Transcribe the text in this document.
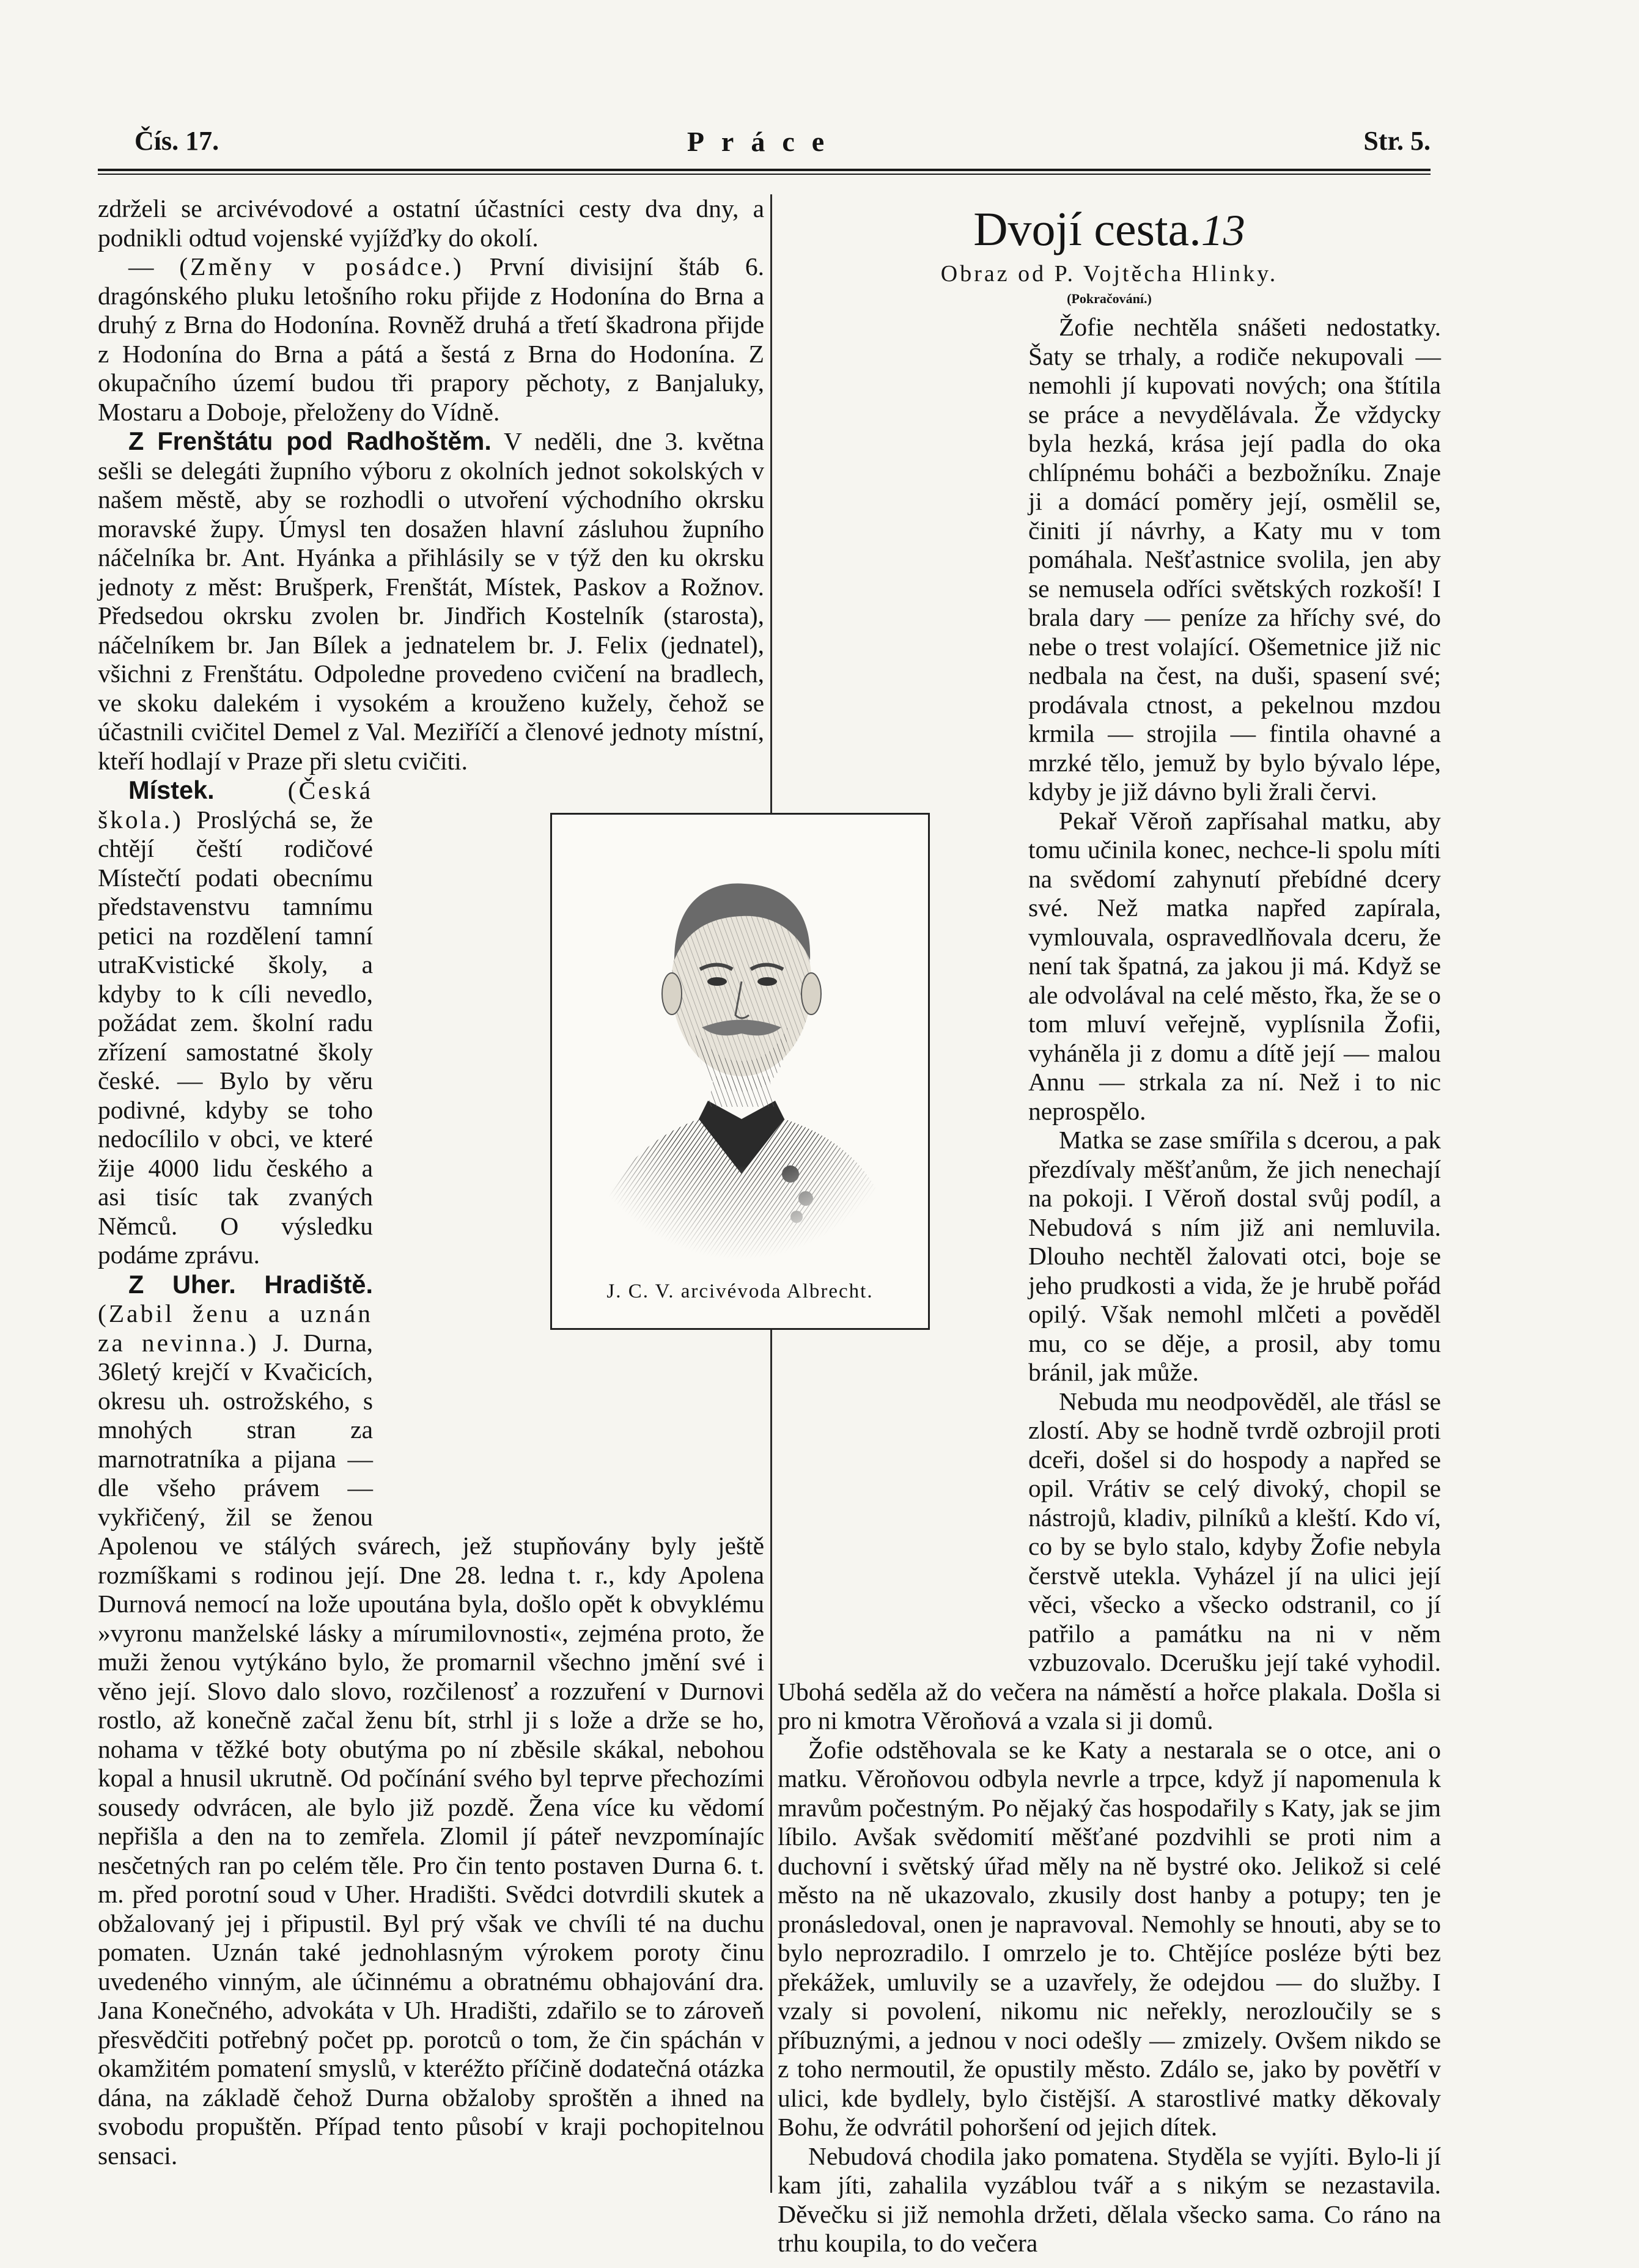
Čís. 17.	Práce	Str. 5.

zdrželi se arcivévodové a ostatní účastníci cesty dva dny, a podnikli odtud vojenské vyjížďky do okolí.

— (Změny v posádce.) První divisijní štáb 6. dragónského pluku letošního roku přijde z Hodonína do Brna a druhý z Brna do Hodonína. Rovněž druhá a třetí škadrona přijde z Hodonína do Brna a pátá a šestá z Brna do Hodonína. Z okupačního území budou tři prapory pěchoty, z Banjaluky, Mostaru a Doboje, přeloženy do Vídně.

Z Frenštátu pod Radhoštěm. V neděli, dne 3. května sešli se delegáti župního výboru z okolních jednot sokolských v našem městě, aby se rozhodli o utvoření východního okrsku moravské župy. Úmysl ten dosažen hlavní zásluhou župního náčelníka br. Ant. Hyánka a přihlásily se v týž den ku okrsku jednoty z měst: Brušperk, Frenštát, Místek, Paskov a Rožnov. Předsedou okrsku zvolen br. Jindřich Kostelník (starosta), náčelníkem br. Jan Bílek a jednatelem br. J. Felix (jednatel), všichni z Frenštátu. Odpoledne provedeno cvičení na bradlech, ve skoku dalekém i vysokém a krouženo kužely, čehož se účastnili cvičitel Demel z Val. Meziříčí a členové jednoty místní, kteří hodlají v Praze při sletu cvičiti.

Místek.	(Česká škola.) Proslýchá se, že chtějí čeští rodičové Místečtí podati obecnímu představenstvu tamnímu petici na rozdělení tamní utraKvistické školy, a kdyby to k cíli nevedlo, požádat zem. školní radu zřízení samostatné školy české. — Bylo by věru podivné, kdyby se toho nedocílilo v obci, ve které žije 4000 lidu českého a asi tisíc tak zvaných Němců. O výsledku podáme zprávu.

Z Uher. Hradiště. (Zabil ženu a uznán za nevinna.) J. Durna, 36letý krejčí v Kvačicích, okresu uh. ostrožského, s mnohých stran za marnotratníka a pijana — dle všeho právem — vykřičený, žil se ženou Apolenou ve stálých svárech, jež stupňovány byly ještě rozmíškami s rodinou její. Dne 28. ledna t. r., kdy Apolena Durnová nemocí na lože upoutána byla, došlo opět k obvyklému »vyronu manželské lásky a mírumilovnosti«, zejména proto, že muži ženou vytýkáno bylo, že promarnil všechno jmění své i věno její. Slovo dalo slovo, rozčilenosť a rozzuření v Durnovi rostlo, až konečně začal ženu bít, strhl ji s lože a drže se ho, nohama v těžké boty obutýma po ní zběsile skákal, nebohou kopal a hnusil ukrutně. Od počínání svého byl teprve přechozími sousedy odvrácen, ale bylo již pozdě. Žena více ku vědomí nepřišla a den na to zemřela. Zlomil jí páteř nevzpomínajíc nesčetných ran po celém těle. Pro čin tento postaven Durna 6. t. m. před porotní soud v Uher. Hradišti. Svědci dotvrdili skutek a obžalovaný jej i připustil. Byl prý však ve chvíli té na duchu pomaten. Uznán také jednohlasným výrokem poroty činu uvedeného vinným, ale účinnému a obratnému obhajování dra. Jana Konečného, advokáta v Uh. Hradišti, zdařilo se to zároveň přesvědčiti potřebný počet pp. porotců o tom, že čin spáchán v okamžitém pomatení smyslů, v kteréžto příčině dodatečná otázka dána, na základě čehož Durna obžaloby sproštěn a ihned na svobodu propuštěn. Případ tento působí v kraji pochopitelnou sensaci.

Dvojí cesta.13
Obraz od P. Vojtěcha Hlinky.
(Pokračování.)

Žofie nechtěla snášeti nedostatky. Šaty se trhaly, a rodiče nekupovali — nemohli jí kupovati nových; ona štítila se práce a nevydělávala. Že vždycky byla hezká, krása její padla do oka chlípnému boháči a bezbožníku. Znaje ji a domácí poměry její, osmělil se, činiti jí návrhy, a Katy mu v tom pomáhala. Nešťastnice svolila, jen aby se nemusela odříci světských rozkoší! I brala dary — peníze za hříchy své, do nebe o trest volající. Ošemetnice již nic nedbala na čest, na duši, spasení své; prodávala ctnost, a pekelnou mzdou krmila — strojila — fintila ohavné a mrzké tělo, jemuž by bylo bývalo lépe, kdyby je již dávno byli žrali červi.

Pekař Věroň zapřísahal matku, aby tomu učinila konec, nechce-li spolu míti na svědomí zahynutí přebídné dcery své. Než matka napřed zapírala, vymlouvala, ospravedlňovala dceru, že není tak špatná, za jakou ji má. Když se ale odvolával na celé město, řka, že se o tom mluví veřejně, vyplísnila Žofii, vyháněla ji z domu a dítě její — malou Annu — strkala za ní. Než i to nic neprospělo.

Matka se zase smířila s dcerou, a pak přezdívaly měšťanům, že jich nenechají na pokoji. I Věroň dostal svůj podíl, a Nebudová s ním již ani nemluvila. Dlouho nechtěl žalovati otci, boje se jeho prudkosti a vida, že je hrubě pořád opilý. Však nemohl mlčeti a pověděl mu, co se děje, a prosil, aby tomu bránil, jak může.

Nebuda mu neodpověděl, ale třásl se zlostí. Aby se hodně tvrdě ozbrojil proti dceři, došel si do hospody a napřed se opil. Vrátiv se celý divoký, chopil se nástrojů, kladiv, pilníků a kleští. Kdo ví, co by se bylo stalo, kdyby Žofie nebyla čerstvě utekla. Vyházel jí na ulici její věci, všecko a všecko odstranil, co jí patřilo a památku na ni v něm vzbuzovalo. Dcerušku její také vyhodil. Ubohá seděla až do večera na náměstí a hořce plakala. Došla si pro ni kmotra Věroňová a vzala si ji domů.

Žofie odstěhovala se ke Katy a nestarala se o otce, ani o matku. Věroňovou odbyla nevrle a trpce, když jí napomenula k mravům počestným. Po nějaký čas hospodařily s Katy, jak se jim líbilo. Avšak svědomití měšťané pozdvihli se proti nim a duchovní i světský úřad měly na ně bystré oko. Jelikož si celé město na ně ukazovalo, zkusily dost hanby a potupy; ten je pronásledoval, onen je napravoval. Nemohly se hnouti, aby se to bylo neprozradilo. I omrzelo je to. Chtějíce posléze býti bez překážek, umluvily se a uzavřely, že odejdou — do služby. I vzaly si povolení, nikomu nic neřekly, nerozloučily se s příbuznými, a jednou v noci odešly — zmizely. Ovšem nikdo se z toho nermoutil, že opustily město. Zdálo se, jako by povětří v ulici, kde bydlely, bylo čistější. A starostlivé matky děkovaly Bohu, že odvrátil pohoršení od jejich dítek.

Nebudová chodila jako pomatena. Styděla se vyjíti. Bylo-li jí kam jíti, zahalila vyzáblou tvář a s nikým se nezastavila. Děvečku si již nemohla držeti, dělala všecko sama. Co ráno na trhu koupila, to do večera

J. C. V. arcivévoda Albrecht.
